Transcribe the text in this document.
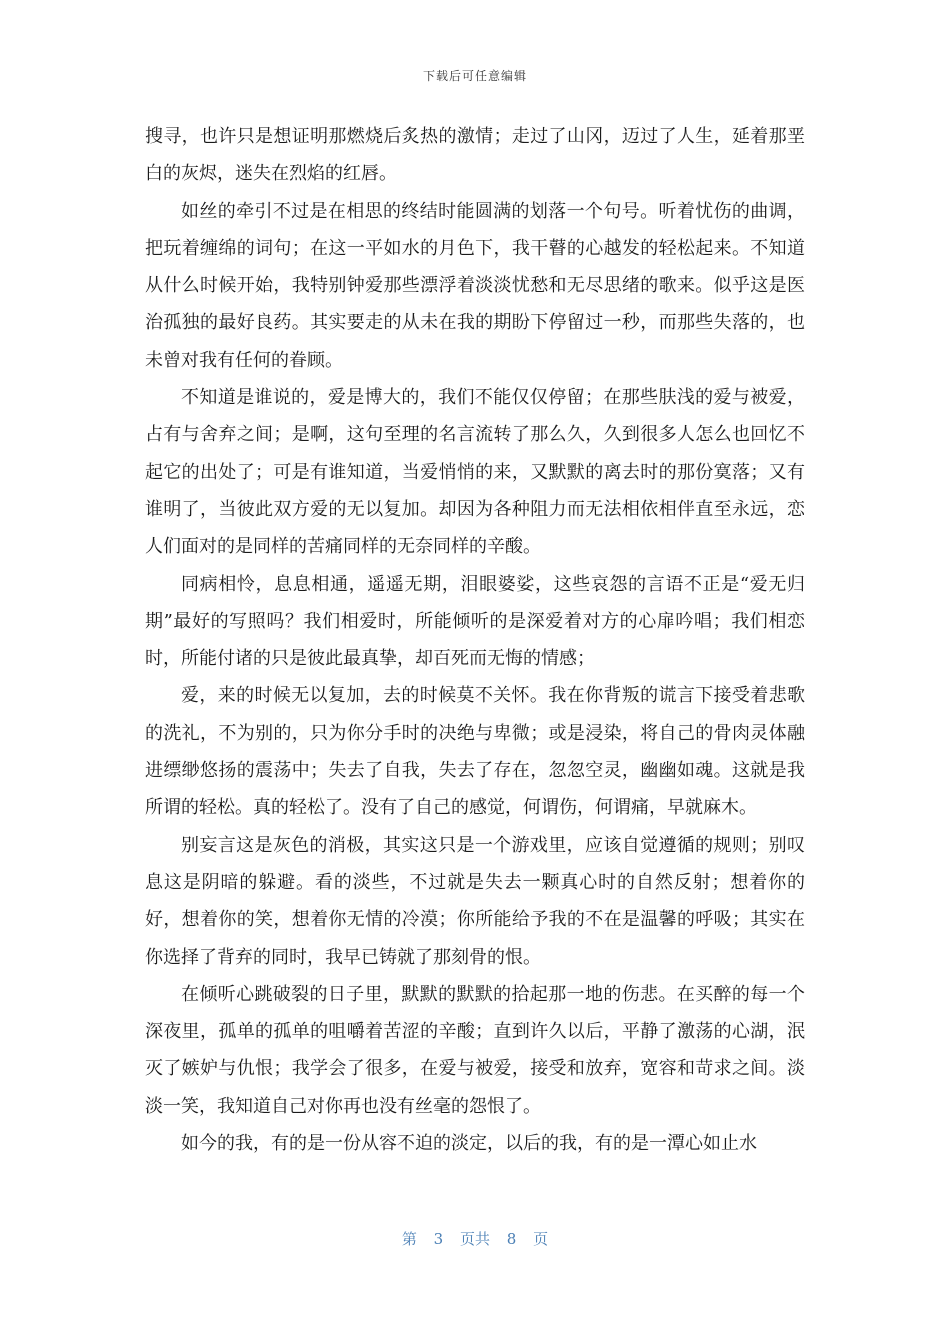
下载后可任意编辑

搜寻，也许只是想证明那燃烧后炙热的激情；走过了山冈，迈过了人生，延着那垩白的灰烬，迷失在烈焰的红唇。

如丝的牵引不过是在相思的终结时能圆满的划落一个句号。听着忧伤的曲调，把玩着缠绵的词句；在这一平如水的月色下，我干瞽的心越发的轻松起来。不知道从什么时候开始，我特别钟爱那些漂浮着淡淡忧愁和无尽思绪的歌来。似乎这是医治孤独的最好良药。其实要走的从未在我的期盼下停留过一秒，而那些失落的，也未曾对我有任何的眷顾。

不知道是谁说的，爱是博大的，我们不能仅仅停留；在那些肤浅的爱与被爱，占有与舍弃之间；是啊，这句至理的名言流转了那么久，久到很多人怎么也回忆不起它的出处了；可是有谁知道，当爱悄悄的来，又默默的离去时的那份寞落；又有谁明了，当彼此双方爱的无以复加。却因为各种阻力而无法相依相伴直至永远，恋人们面对的是同样的苦痛同样的无奈同样的辛酸。

同病相怜，息息相通，遥遥无期，泪眼婆娑，这些哀怨的言语不正是“爱无归期”最好的写照吗？我们相爱时，所能倾听的是深爱着对方的心扉吟唱；我们相恋时，所能付诸的只是彼此最真挚，却百死而无悔的情感；

爱，来的时候无以复加，去的时候莫不关怀。我在你背叛的谎言下接受着悲歌的洗礼，不为别的，只为你分手时的决绝与卑微；或是浸染，将自己的骨肉灵体融进缥缈悠扬的震荡中；失去了自我，失去了存在，忽忽空灵，幽幽如魂。这就是我所谓的轻松。真的轻松了。没有了自己的感觉，何谓伤，何谓痛，早就麻木。

别妄言这是灰色的消极，其实这只是一个游戏里，应该自觉遵循的规则；别叹息这是阴暗的躲避。看的淡些，不过就是失去一颗真心时的自然反射；想着你的好，想着你的笑，想着你无情的冷漠；你所能给予我的不在是温馨的呼吸；其实在你选择了背弃的同时，我早已铸就了那刻骨的恨。

在倾听心跳破裂的日子里，默默的默默的拾起那一地的伤悲。在买醉的每一个深夜里，孤单的孤单的咀嚼着苦涩的辛酸；直到许久以后，平静了激荡的心湖，泯灭了嫉妒与仇恨；我学会了很多，在爱与被爱，接受和放弃，宽容和苛求之间。淡淡一笑，我知道自己对你再也没有丝毫的怨恨了。

如今的我，有的是一份从容不迫的淡定，以后的我，有的是一潭心如止水

第 3 页共 8 页
